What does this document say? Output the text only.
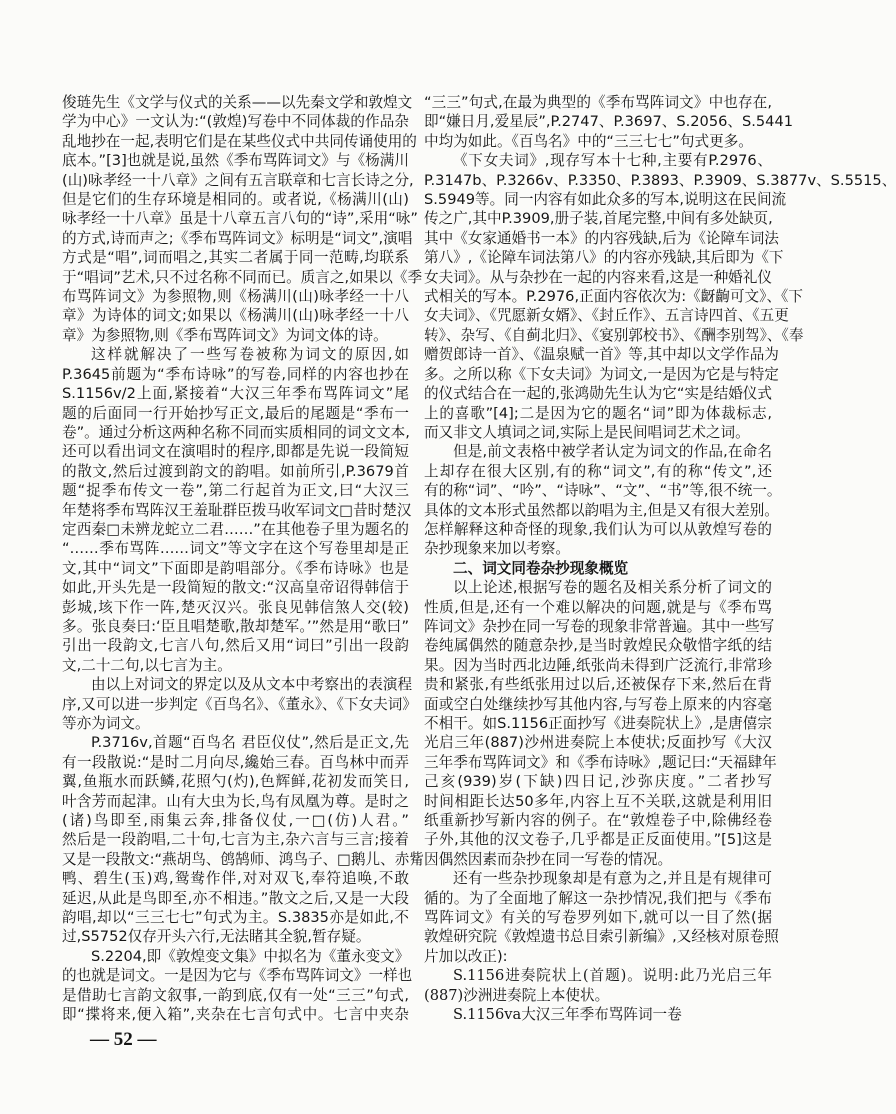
俊琏先生《文学与仪式的关系——以先秦文学和敦煌文
学为中心》一文认为:“(敦煌)写卷中不同体裁的作品杂
乱地抄在一起,表明它们是在某些仪式中共同传诵使用的
底本。”[3]也就是说,虽然《季布骂阵词文》与《杨满川
(山)咏孝经一十八章》之间有五言联章和七言长诗之分,
但是它们的生存环境是相同的。或者说,《杨满川(山)
咏孝经一十八章》虽是十八章五言八句的“诗”,采用“咏”
的方式,诗而声之;《季布骂阵词文》标明是“词文”,演唱
方式是“唱”,词而唱之,其实二者属于同一范畴,均联系
于“唱词”艺术,只不过名称不同而已。质言之,如果以《季
布骂阵词文》为参照物,则《杨满川(山)咏孝经一十八
章》为诗体的词文;如果以《杨满川(山)咏孝经一十八
章》为参照物,则《季布骂阵词文》为词文体的诗。
这样就解决了一些写卷被称为词文的原因,如
P.3645前题为“季布诗咏”的写卷,同样的内容也抄在
S.1156v/2上面,紧接着“大汉三年季布骂阵词文”尾
题的后面同一行开始抄写正文,最后的尾题是“季布一
卷”。通过分析这两种名称不同而实质相同的词文文本,
还可以看出词文在演唱时的程序,即都是先说一段简短
的散文,然后过渡到韵文的韵唱。如前所引,P.3679首
题“捉季布传文一卷”,第二行起首为正文,曰“大汉三
年楚将季布骂阵汉王羞耻群臣拨马收军词文□昔时楚汉
定西秦□未辨龙蛇立二君……”在其他卷子里为题名的
“……季布骂阵……词文”等文字在这个写卷里却是正
文,其中“词文”下面即是韵唱部分。《季布诗咏》也是
如此,开头先是一段简短的散文:“汉高皇帝诏得韩信于
彭城,垓下作一阵,楚灭汉兴。张良见韩信煞人交(较)
多。张良奏曰:‘臣且唱楚歌,散却楚军。’”然是用“歌曰”
引出一段韵文,七言八句,然后又用“词曰”引出一段韵
文,二十二句,以七言为主。
由以上对词文的界定以及从文本中考察出的表演程
序,又可以进一步判定《百鸟名》、《董永》、《下女夫词》
等亦为词文。
P.3716v,首题“百鸟名 君臣仪仗”,然后是正文,先
有一段散说:“是时二月向尽,纔始三春。百鸟林中而弄
翼,鱼瓶水而跃鳞,花照勺(灼),色辉鲜,花初发而笑日,
叶含芳而起津。山有大虫为长,鸟有凤凰为尊。是时之
(诸)鸟即至,雨集云奔,排备仪仗,一□(仿)人君。”
然后是一段韵唱,二十句,七言为主,杂六言与三言;接着
又是一段散文:“燕胡鸟、鸧鹄师、鸿鸟子、□鹅儿、赤觜
鸭、碧生(玉)鸡,鸳鸯作伴,对对双飞,奉符追唤,不敢
延迟,从此是鸟即至,亦不相违。”散文之后,又是一大段
韵唱,却以“三三七七”句式为主。S.3835亦是如此,不
过,S5752仅存开头六行,无法睹其全貌,暂存疑。
S.2204,即《敦煌变文集》中拟名为《董永变文》
的也就是词文。一是因为它与《季布骂阵词文》一样也
是借助七言韵文叙事,一韵到底,仅有一处“三三”句式,
即“揲将来,便入箱”,夹杂在七言句式中。七言中夹杂
“三三”句式,在最为典型的《季布骂阵词文》中也存在,
即“嫌日月,爱星辰”,P.2747、P.3697、S.2056、S.5441
中均为如此。《百鸟名》中的“三三七七”句式更多。
《下女夫词》,现存写本十七种,主要有P.2976、
P.3147b、P.3266v、P.3350、P.3893、P.3909、S.3877v、S.5515、
S.5949等。同一内容有如此众多的写本,说明这在民间流
传之广,其中P.3909,册子装,首尾完整,中间有多处缺页,
其中《女家通婚书一本》的内容残缺,后为《论障车词法
第八》,《论障车词法第八》的内容亦残缺,其后即为《下
女夫词》。从与杂抄在一起的内容来看,这是一种婚礼仪
式相关的写本。P.2976,正面内容依次为:《齖齣可文》、《下
女夫词》、《咒愿新女婿》、《封丘作》、五言诗四首、《五更
转》、杂写、《自蓟北归》、《宴别郭校书》、《酬李别驾》、《奉
赠贺郎诗一首》、《温泉赋一首》等,其中却以文学作品为
多。之所以称《下女夫词》为词文,一是因为它是与特定
的仪式结合在一起的,张鸿勋先生认为它“实是结婚仪式
上的喜歌”[4];二是因为它的题名“词”即为体裁标志,
而又非文人填词之词,实际上是民间唱词艺术之词。
但是,前文表格中被学者认定为词文的作品,在命名
上却存在很大区别,有的称“词文”,有的称“传文”,还
有的称“词”、“吟”、“诗咏”、“文”、“书”等,很不统一。
具体的文本形式虽然都以韵唱为主,但是又有很大差别。
怎样解释这种奇怪的现象,我们认为可以从敦煌写卷的
杂抄现象来加以考察。
二、词文同卷杂抄现象概览
以上论述,根据写卷的题名及相关系分析了词文的
性质,但是,还有一个难以解决的问题,就是与《季布骂
阵词文》杂抄在同一写卷的现象非常普遍。其中一些写
卷纯属偶然的随意杂抄,是当时敦煌民众敬惜字纸的结
果。因为当时西北边陲,纸张尚未得到广泛流行,非常珍
贵和紧张,有些纸张用过以后,还被保存下来,然后在背
面或空白处继续抄写其他内容,与写卷上原来的内容毫
不相干。如S.1156正面抄写《进奏院状上》,是唐僖宗
光启三年(887)沙州进奏院上本使状;反面抄写《大汉
三年季布骂阵词文》和《季布诗咏》,题记曰:“天福肆年
己亥(939)岁(下缺)四日记,沙弥庆度。”二者抄写
时间相距长达50多年,内容上互不关联,这就是利用旧
纸重新抄写新内容的例子。在“敦煌卷子中,除佛经卷
子外,其他的汉文卷子,几乎都是正反面使用。”[5]这是
因偶然因素而杂抄在同一写卷的情况。
还有一些杂抄现象却是有意为之,并且是有规律可
循的。为了全面地了解这一杂抄情况,我们把与《季布
骂阵词文》有关的写卷罗列如下,就可以一目了然(据
敦煌研究院《敦煌遗书总目索引新编》,又经核对原卷照
片加以改正):
S.1156进奏院状上(首题)。说明:此乃光启三年
(887)沙洲进奏院上本使状。
S.1156va大汉三年季布骂阵词一卷
— 52 —
